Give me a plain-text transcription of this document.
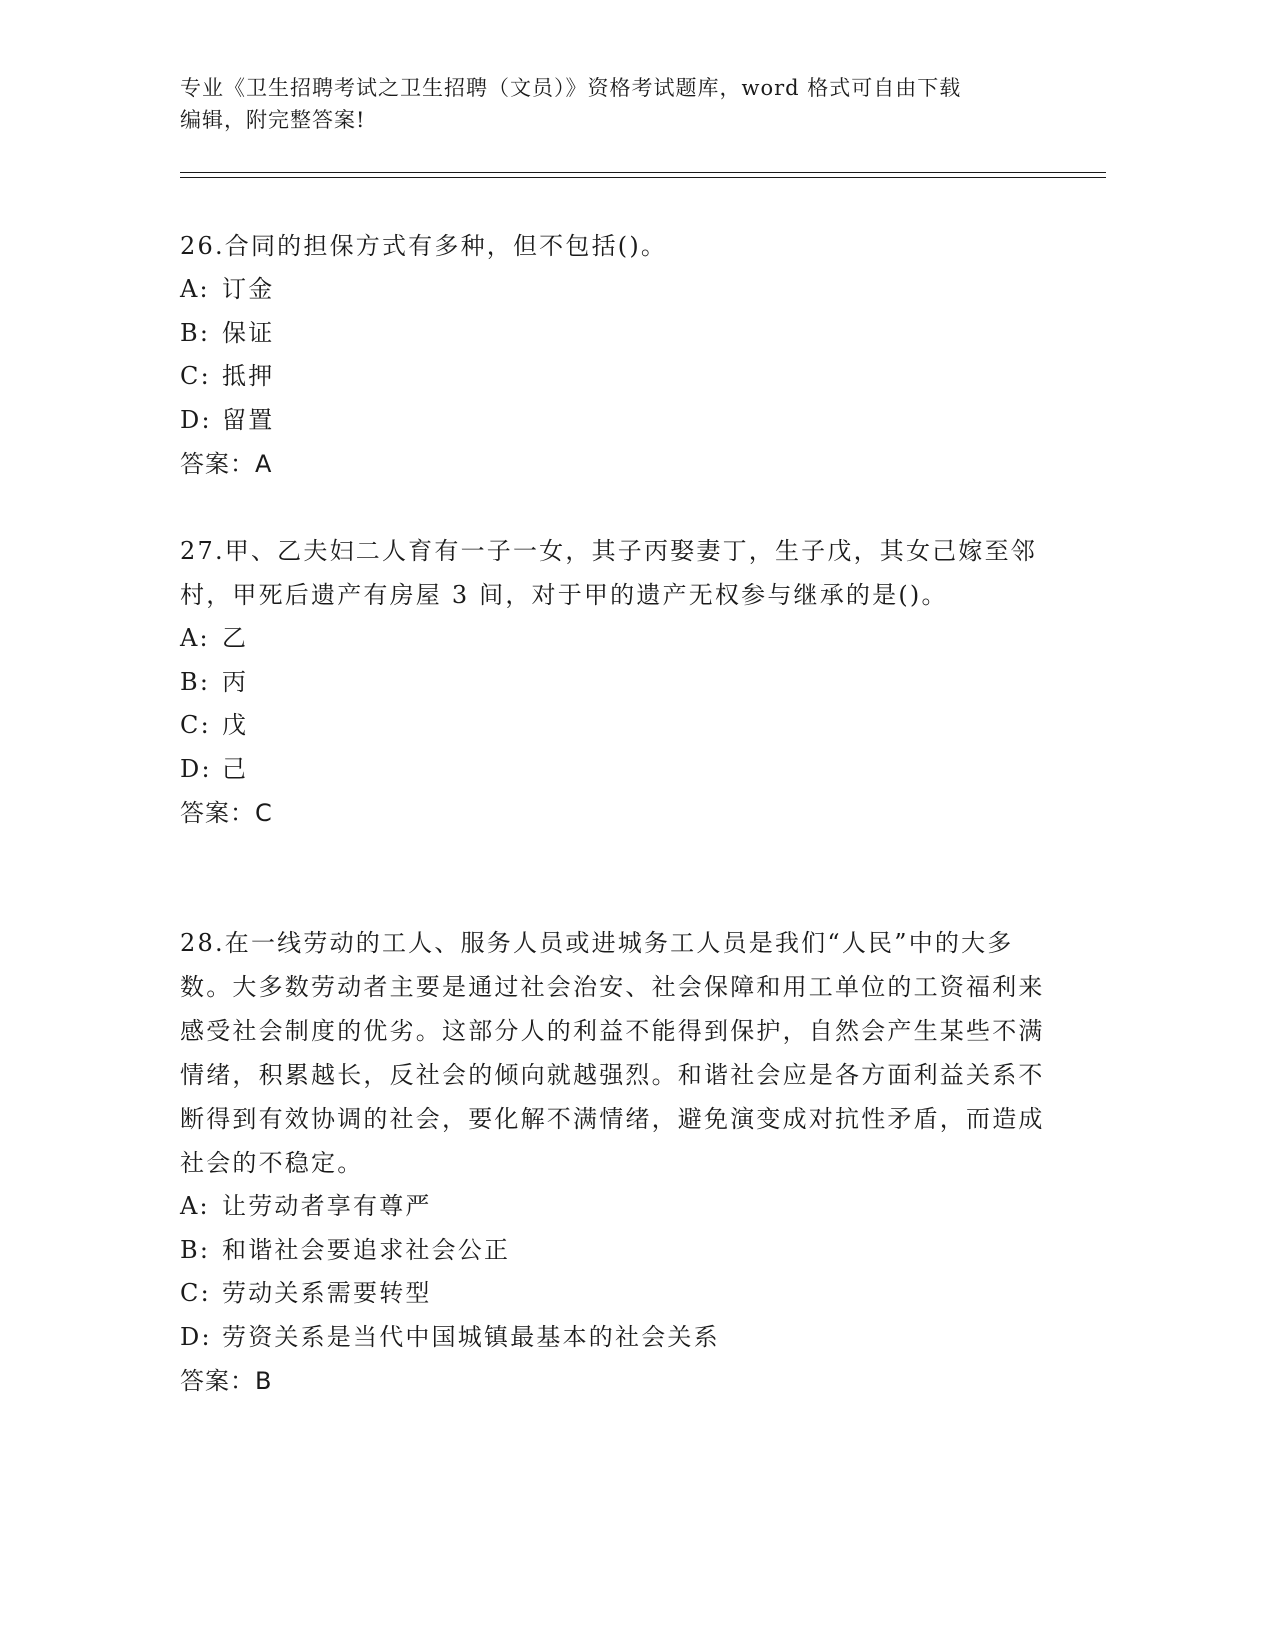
专业《卫生招聘考试之卫生招聘（文员）》资格考试题库，word 格式可自由下载
编辑，附完整答案!

26.合同的担保方式有多种，但不包括()。

A: 订金

B: 保证

C: 抵押

D: 留置

答案：A

27.甲、乙夫妇二人育有一子一女，其子丙娶妻丁，生子戊，其女己嫁至邻村，甲死后遗产有房屋 3 间，对于甲的遗产无权参与继承的是()。

A: 乙

B: 丙

C: 戊

D: 己

答案：C

28.在一线劳动的工人、服务人员或进城务工人员是我们“人民”中的大多数。大多数劳动者主要是通过社会治安、社会保障和用工单位的工资福利来感受社会制度的优劣。这部分人的利益不能得到保护，自然会产生某些不满情绪，积累越长，反社会的倾向就越强烈。和谐社会应是各方面利益关系不断得到有效协调的社会，要化解不满情绪，避免演变成对抗性矛盾，而造成社会的不稳定。

A: 让劳动者享有尊严

B: 和谐社会要追求社会公正

C: 劳动关系需要转型

D: 劳资关系是当代中国城镇最基本的社会关系

答案：B
